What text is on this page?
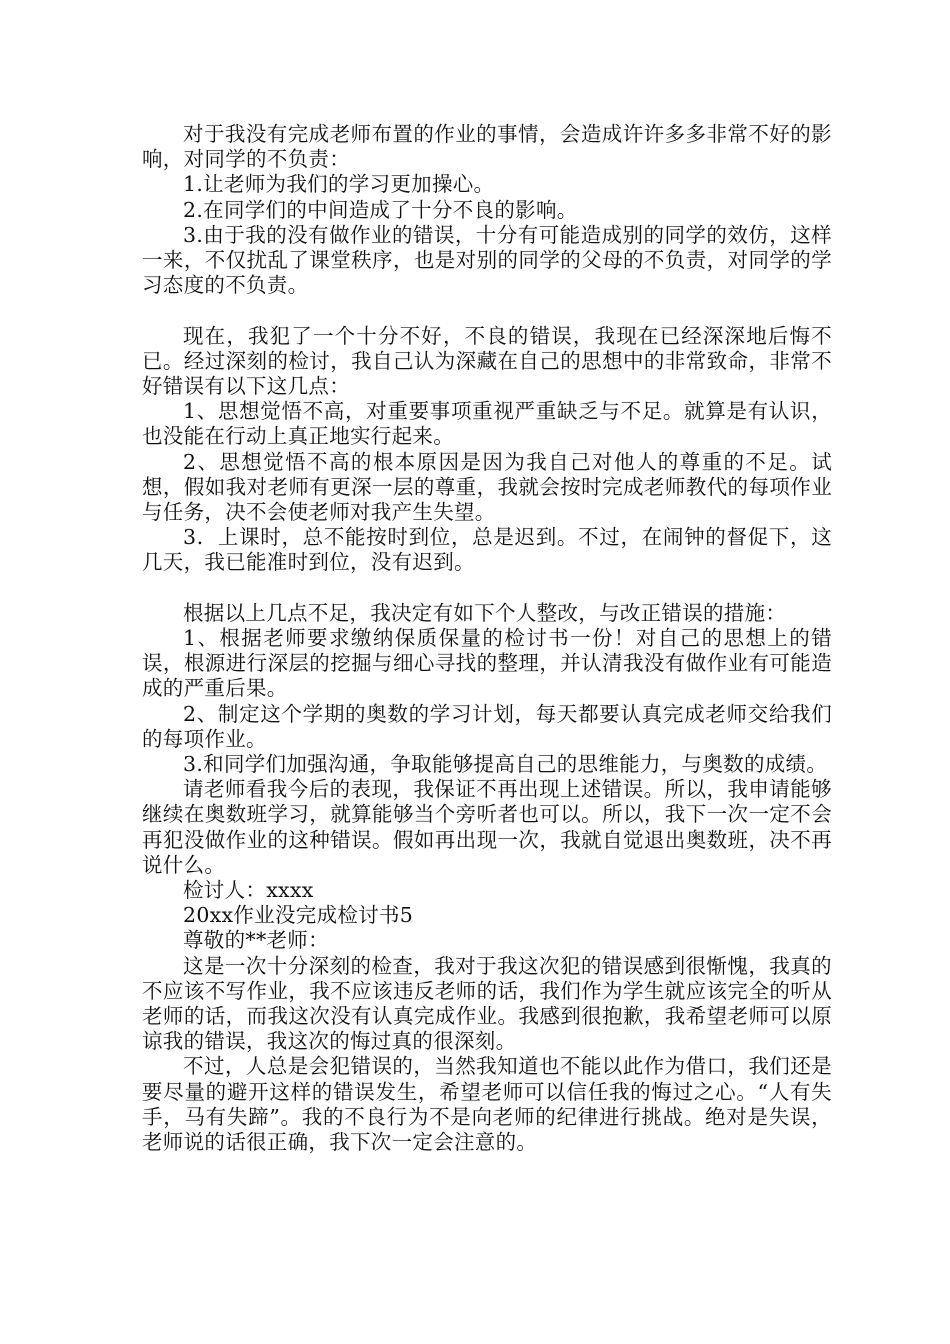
对于我没有完成老师布置的作业的事情，会造成许许多多非常不好的影响，对同学的不负责：

1.让老师为我们的学习更加操心。

2.在同学们的中间造成了十分不良的影响。

3.由于我的没有做作业的错误，十分有可能造成别的同学的效仿，这样一来，不仅扰乱了课堂秩序，也是对别的同学的父母的不负责，对同学的学习态度的不负责。

现在，我犯了一个十分不好，不良的错误，我现在已经深深地后悔不已。经过深刻的检讨，我自己认为深藏在自己的思想中的非常致命，非常不好错误有以下这几点：

1、思想觉悟不高，对重要事项重视严重缺乏与不足。就算是有认识，也没能在行动上真正地实行起来。

2、思想觉悟不高的根本原因是因为我自己对他人的尊重的不足。试想，假如我对老师有更深一层的尊重，我就会按时完成老师教代的每项作业与任务，决不会使老师对我产生失望。

3．上课时，总不能按时到位，总是迟到。不过，在闹钟的督促下，这几天，我已能准时到位，没有迟到。

根据以上几点不足，我决定有如下个人整改，与改正错误的措施：

1、根据老师要求缴纳保质保量的检讨书一份！对自己的思想上的错误，根源进行深层的挖掘与细心寻找的整理，并认清我没有做作业有可能造成的严重后果。

2、制定这个学期的奥数的学习计划，每天都要认真完成老师交给我们的每项作业。

3.和同学们加强沟通，争取能够提高自己的思维能力，与奥数的成绩。

请老师看我今后的表现，我保证不再出现上述错误。所以，我申请能够继续在奥数班学习，就算能够当个旁听者也可以。所以，我下一次一定不会再犯没做作业的这种错误。假如再出现一次，我就自觉退出奥数班，决不再说什么。

检讨人：xxxx

20xx作业没完成检讨书5

尊敬的**老师：

这是一次十分深刻的检查，我对于我这次犯的错误感到很惭愧，我真的不应该不写作业，我不应该违反老师的话，我们作为学生就应该完全的听从老师的话，而我这次没有认真完成作业。我感到很抱歉，我希望老师可以原谅我的错误，我这次的悔过真的很深刻。

不过，人总是会犯错误的，当然我知道也不能以此作为借口，我们还是要尽量的避开这样的错误发生，希望老师可以信任我的悔过之心。“人有失手，马有失蹄”。我的不良行为不是向老师的纪律进行挑战。绝对是失误，老师说的话很正确，我下次一定会注意的。
